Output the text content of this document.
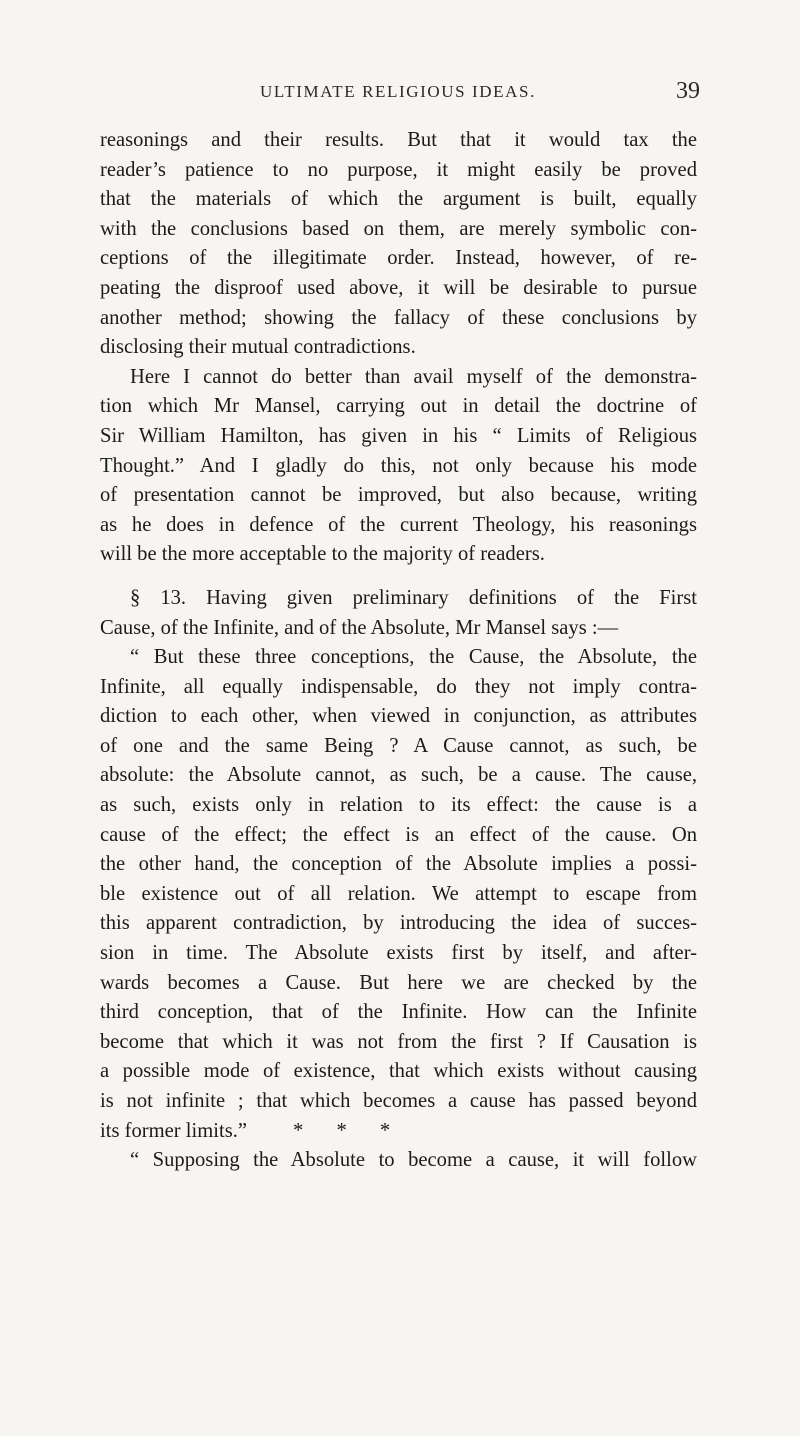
ULTIMATE RELIGIOUS IDEAS.	39
reasonings and their results. But that it would tax the
reader’s patience to no purpose, it might easily be proved
that the materials of which the argument is built, equally
with the conclusions based on them, are merely symbolic con-
ceptions of the illegitimate order. Instead, however, of re-
peating the disproof used above, it will be desirable to pursue
another method; showing the fallacy of these conclusions by
disclosing their mutual contradictions.
Here I cannot do better than avail myself of the demonstra-
tion which Mr Mansel, carrying out in detail the doctrine of
Sir William Hamilton, has given in his “ Limits of Religious
Thought.” And I gladly do this, not only because his mode
of presentation cannot be improved, but also because, writing
as he does in defence of the current Theology, his reasonings
will be the more acceptable to the majority of readers.
§ 13. Having given preliminary definitions of the First
Cause, of the Infinite, and of the Absolute, Mr Mansel says :—
“ But these three conceptions, the Cause, the Absolute, the
Infinite, all equally indispensable, do they not imply contra-
diction to each other, when viewed in conjunction, as attributes
of one and the same Being ? A Cause cannot, as such, be
absolute: the Absolute cannot, as such, be a cause. The cause,
as such, exists only in relation to its effect: the cause is a
cause of the effect; the effect is an effect of the cause. On
the other hand, the conception of the Absolute implies a possi-
ble existence out of all relation. We attempt to escape from
this apparent contradiction, by introducing the idea of succes-
sion in time. The Absolute exists first by itself, and after-
wards becomes a Cause. But here we are checked by the
third conception, that of the Infinite. How can the Infinite
become that which it was not from the first ? If Causation is
a possible mode of existence, that which exists without causing
is not infinite ; that which becomes a cause has passed beyond
its former limits.” * * *
“ Supposing the Absolute to become a cause, it will follow
